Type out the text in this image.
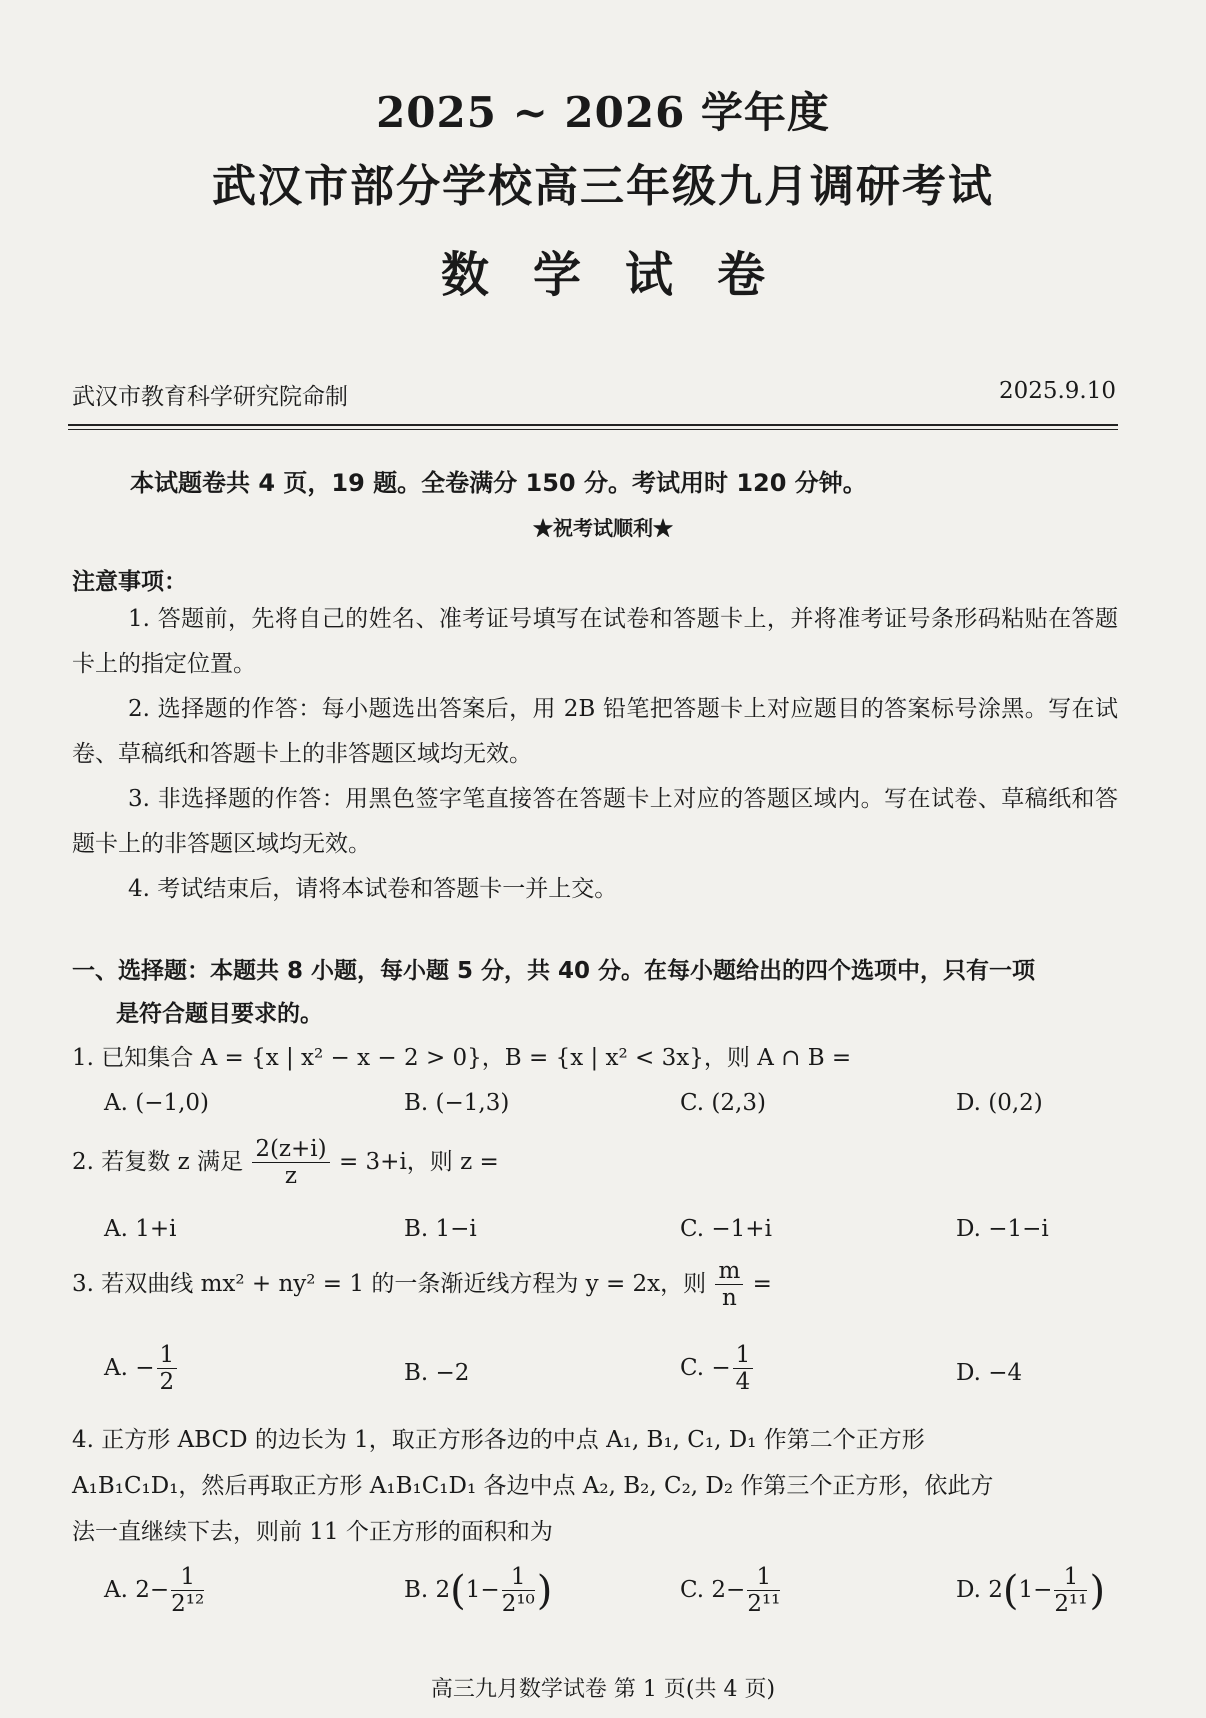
2025 ~ 2026 学年度
武汉市部分学校高三年级九月调研考试
数学试卷
武汉市教育科学研究院命制	2025.9.10
本试题卷共 4 页，19 题。全卷满分 150 分。考试用时 120 分钟。
★祝考试顺利★
注意事项：
1. 答题前，先将自己的姓名、准考证号填写在试卷和答题卡上，并将准考证号条形码粘贴在答题卡上的指定位置。
2. 选择题的作答：每小题选出答案后，用 2B 铅笔把答题卡上对应题目的答案标号涂黑。写在试卷、草稿纸和答题卡上的非答题区域均无效。
3. 非选择题的作答：用黑色签字笔直接答在答题卡上对应的答题区域内。写在试卷、草稿纸和答题卡上的非答题区域均无效。
4. 考试结束后，请将本试卷和答题卡一并上交。
一、选择题：本题共 8 小题，每小题 5 分，共 40 分。在每小题给出的四个选项中，只有一项
是符合题目要求的。
1. 已知集合 A = {x | x² − x − 2 > 0}，B = {x | x² < 3x}，则 A ∩ B =
A. (−1,0)	B. (−1,3)	C. (2,3)	D. (0,2)
2. 若复数 z 满足 $\frac{2(z+i)}{z} = 3+i$，则 z =
A. 1+i	B. 1−i	C. −1+i	D. −1−i
3. 若双曲线 mx² + ny² = 1 的一条渐近线方程为 y = 2x，则 $\frac{m}{n}$ =
A. − $\frac{1}{2}$	B. −2	C. − $\frac{1}{4}$	D. −4
4. 正方形 ABCD 的边长为 1，取正方形各边的中点 A₁, B₁, C₁, D₁ 作第二个正方形
A₁B₁C₁D₁，然后再取正方形 A₁B₁C₁D₁ 各边中点 A₂, B₂, C₂, D₂ 作第三个正方形，依此方
法一直继续下去，则前 11 个正方形的面积和为
A. $2- \frac{1}{\text{2¹²}}$	B. $2(1- \frac{1}{\text{2¹⁰}}$ )	C. $2- \frac{1}{\text{2¹¹}}$	D. $2(1- \frac{1}{\text{2¹¹}}$ )
高三九月数学试卷 第 1 页(共 4 页)
